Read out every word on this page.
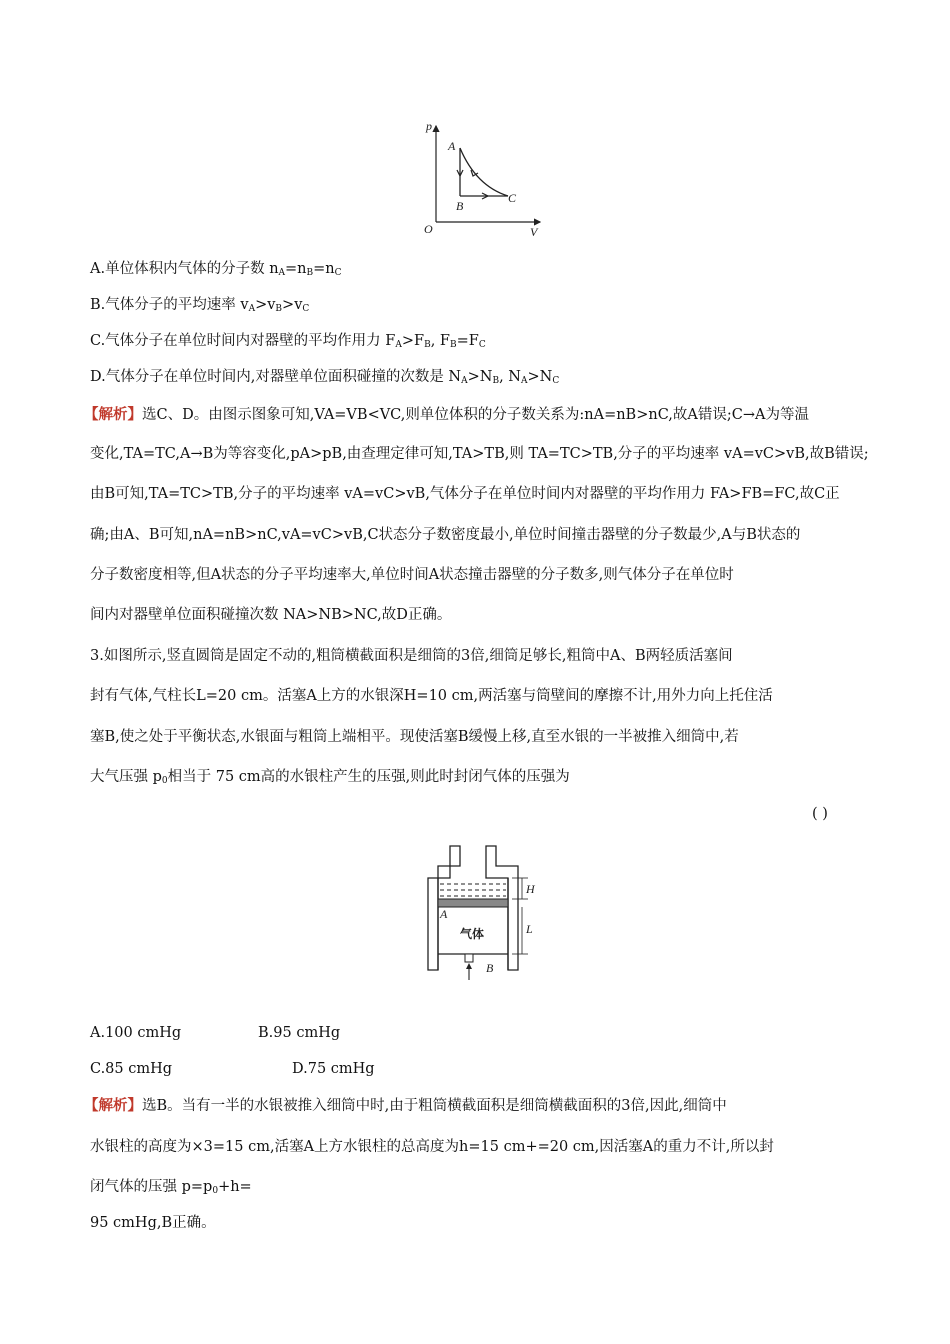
p
V
O
A
B
C
A.单位体积内气体的分子数 $n_A=n_B=n_C$
B.气体分子的平均速率 $v_A>v_B>v_C$
C.气体分子在单位时间内对器壁的平均作用力 $F_A>F_B$, $F_B=F_C$
D.气体分子在单位时间内,对器壁单位面积碰撞的次数是 $N_A>N_B$, $N_A>N_C$
【解析】选C、D。由图示图象可知,VA=VB<VC,则单位体积的分子数关系为:nA=nB>nC,故A错误;C→A为等温
变化,TA=TC,A→B为等容变化,pA>pB,由查理定律可知,TA>TB,则 TA=TC>TB,分子的平均速率 vA=vC>vB,故B错误;
由B可知,TA=TC>TB,分子的平均速率 vA=vC>vB,气体分子在单位时间内对器壁的平均作用力 FA>FB=FC,故C正
确;由A、B可知,nA=nB>nC,vA=vC>vB,C状态分子数密度最小,单位时间撞击器壁的分子数最少,A与B状态的
分子数密度相等,但A状态的分子平均速率大,单位时间A状态撞击器壁的分子数多,则气体分子在单位时
间内对器壁单位面积碰撞次数 NA>NB>NC,故D正确。
3.如图所示,竖直圆筒是固定不动的,粗筒横截面积是细筒的3倍,细筒足够长,粗筒中A、B两轻质活塞间
封有气体,气柱长L=20 cm。活塞A上方的水银深H=10 cm,两活塞与筒壁间的摩擦不计,用外力向上托住活
塞B,使之处于平衡状态,水银面与粗筒上端相平。现使活塞B缓慢上移,直至水银的一半被推入细筒中,若
大气压强 $p_0$相当于 75 cm高的水银柱产生的压强,则此时封闭气体的压强为
( )
H
L
A
B
气体
A.100 cmHg	B.95 cmHg
C.85 cmHg	D.75 cmHg
【解析】选B。当有一半的水银被推入细筒中时,由于粗筒横截面积是细筒横截面积的3倍,因此,细筒中
水银柱的高度为×3=15 cm,活塞A上方水银柱的总高度为h=15 cm+=20 cm,因活塞A的重力不计,所以封
闭气体的压强 $p=p_0+h=$
95 cmHg,B正确。
